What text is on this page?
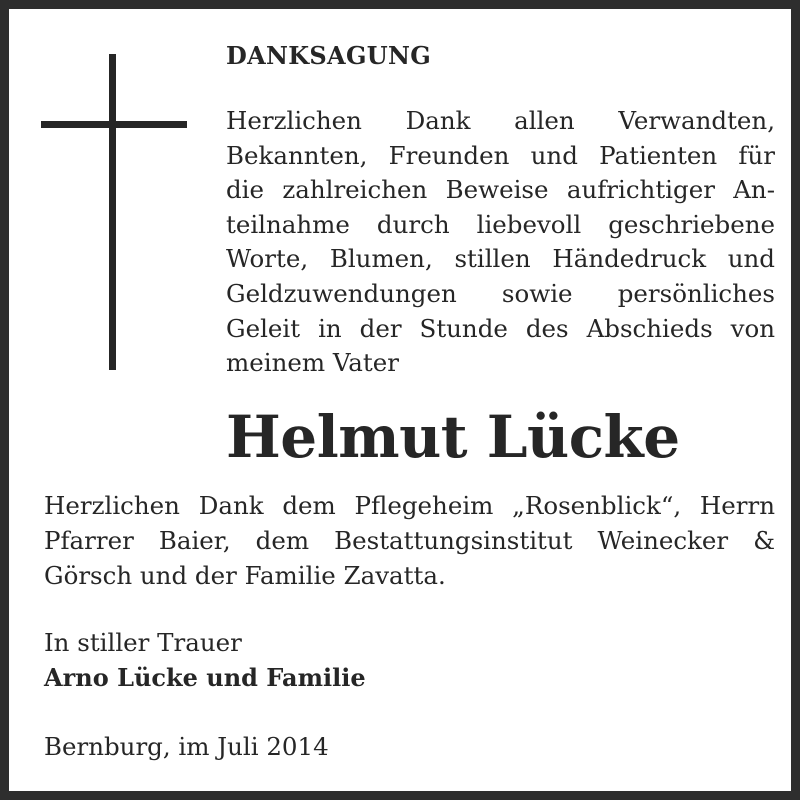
DANKSAGUNG

Herzlichen Dank allen Verwandten,
Bekannten, Freunden und Patienten für
die zahlreichen Beweise aufrichtiger An-
teilnahme durch liebevoll geschriebene
Worte, Blumen, stillen Händedruck und
Geldzuwendungen sowie persönliches
Geleit in der Stunde des Abschieds von
meinem Vater

Helmut Lücke

Herzlichen Dank dem Pflegeheim „Rosenblick“, Herrn
Pfarrer Baier, dem Bestattungsinstitut Weinecker &
Görsch und der Familie Zavatta.

In stiller Trauer

Arno Lücke und Familie

Bernburg, im Juli 2014
